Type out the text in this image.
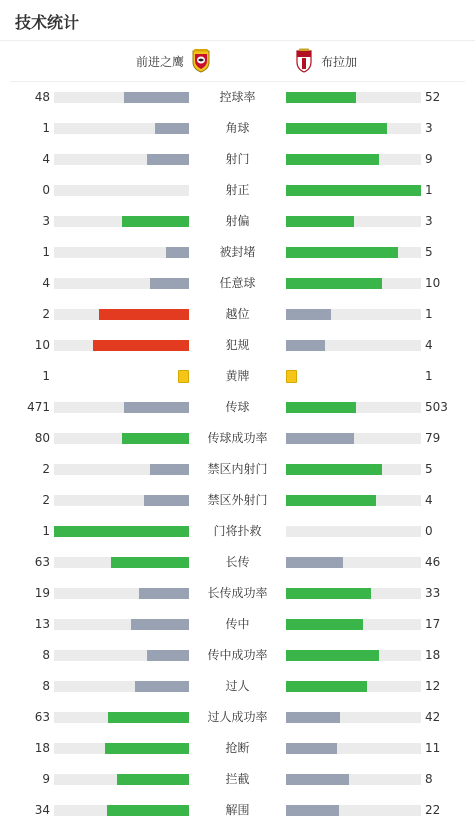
技术统计
前进之鹰	布拉加
48	控球率	52
1	角球	3
4	射门	9
0	射正	1
3	射偏	3
1	被封堵	5
4	任意球	10
2	越位	1
10	犯规	4
1	黄牌	1
471	传球	503
80	传球成功率	79
2	禁区内射门	5
2	禁区外射门	4
1	门将扑救	0
63	长传	46
19	长传成功率	33
13	传中	17
8	传中成功率	18
8	过人	12
63	过人成功率	42
18	抢断	11
9	拦截	8
34	解围	22
